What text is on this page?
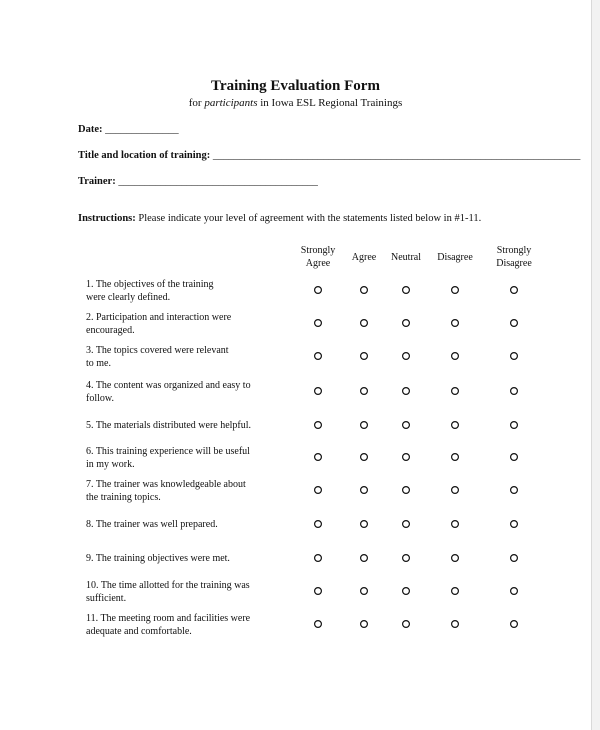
Training Evaluation Form
for participants in Iowa ESL Regional Trainings
Date: ______________
Title and location of training: ______________________________________________________________________
Trainer: ______________________________________
Instructions: Please indicate your level of agreement with the statements listed below in #1-11.
Strongly
Agree
Agree Neutral Disagree
Strongly
Disagree
1. The objectives of the training
were clearly defined.
2. Participation and interaction were
encouraged.
3. The topics covered were relevant
to me.
4. The content was organized and easy to
follow.
5. The materials distributed were helpful.
6. This training experience will be useful
in my work.
7. The trainer was knowledgeable about
the training topics.
8. The trainer was well prepared.
9. The training objectives were met.
10. The time allotted for the training was
sufficient.
11. The meeting room and facilities were
adequate and comfortable.
